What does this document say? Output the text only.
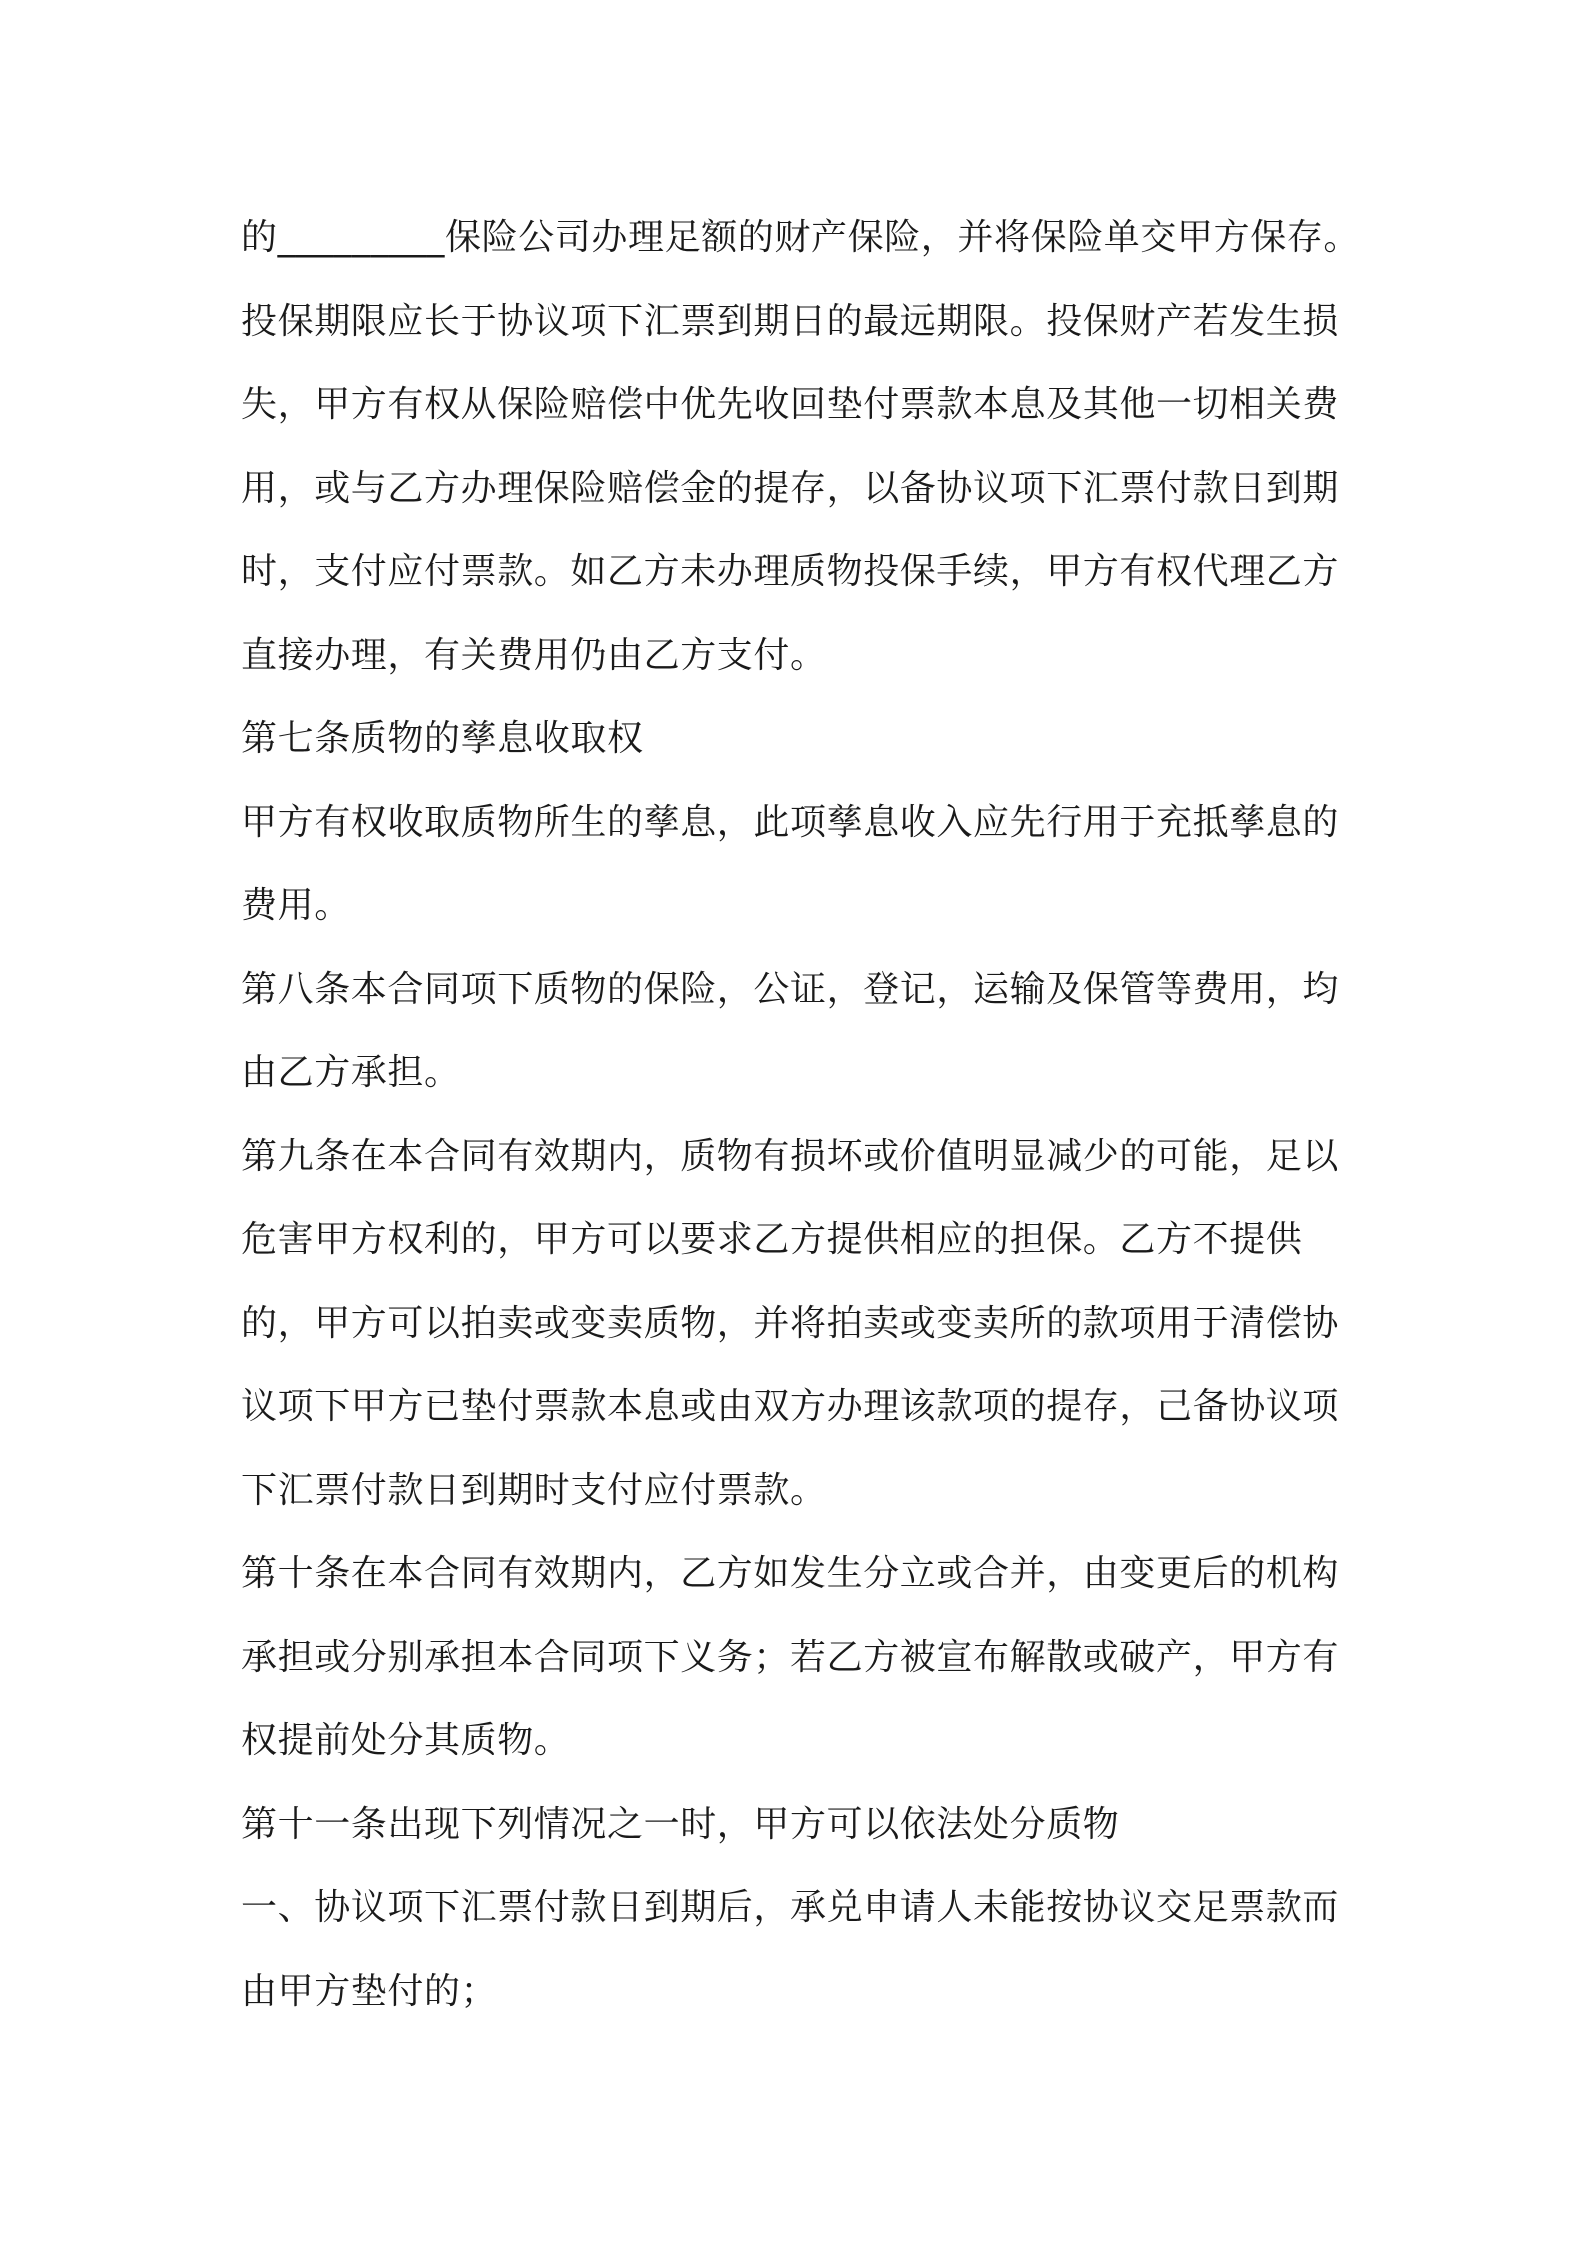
的_________保险公司办理足额的财产保险，并将保险单交甲方保存。投保期限应长于协议项下汇票到期日的最远期限。投保财产若发生损失，甲方有权从保险赔偿中优先收回垫付票款本息及其他一切相关费用，或与乙方办理保险赔偿金的提存，以备协议项下汇票付款日到期时，支付应付票款。如乙方未办理质物投保手续，甲方有权代理乙方直接办理，有关费用仍由乙方支付。

第七条质物的孳息收取权

甲方有权收取质物所生的孳息，此项孳息收入应先行用于充抵孳息的费用。

第八条本合同项下质物的保险，公证，登记，运输及保管等费用，均由乙方承担。

第九条在本合同有效期内，质物有损坏或价值明显减少的可能，足以危害甲方权利的，甲方可以要求乙方提供相应的担保。乙方不提供的，甲方可以拍卖或变卖质物，并将拍卖或变卖所的款项用于清偿协议项下甲方已垫付票款本息或由双方办理该款项的提存，己备协议项下汇票付款日到期时支付应付票款。

第十条在本合同有效期内，乙方如发生分立或合并，由变更后的机构承担或分别承担本合同项下义务；若乙方被宣布解散或破产，甲方有权提前处分其质物。

第十一条出现下列情况之一时，甲方可以依法处分质物

一、协议项下汇票付款日到期后，承兑申请人未能按协议交足票款而由甲方垫付的；
